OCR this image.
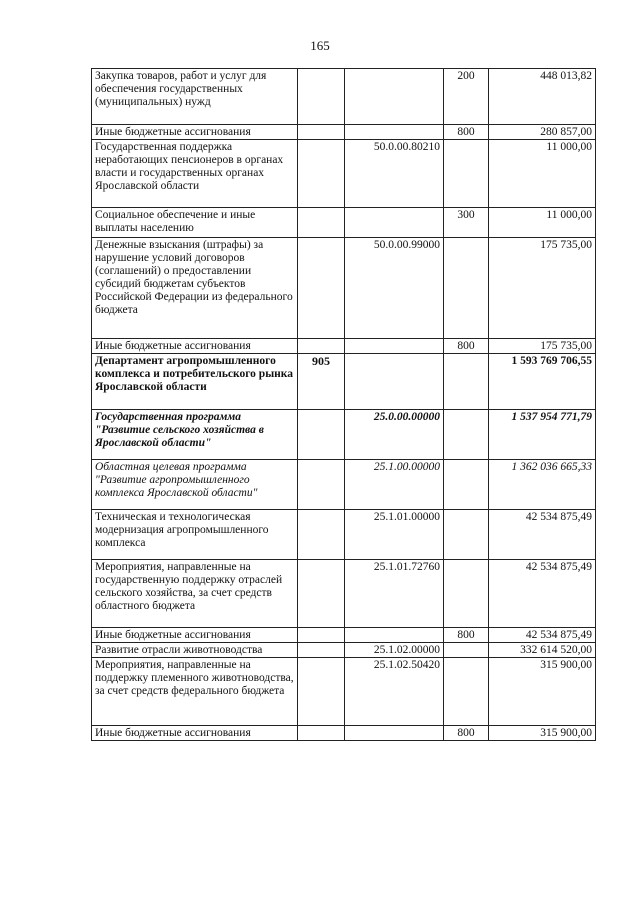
165
Закупка товаров, работ и услуг для обеспечения государственных (муниципальных) нужд			200	448 013,82
Иные бюджетные ассигнования			800	280 857,00
Государственная поддержка неработающих пенсионеров в органах власти и государственных органах Ярославской области		50.0.00.80210		11 000,00
Социальное обеспечение и иные выплаты населению			300	11 000,00
Денежные взыскания (штрафы) за нарушение условий договоров (соглашений) о предоставлении субсидий бюджетам субъектов Российской Федерации из федерального бюджета		50.0.00.99000		175 735,00
Иные бюджетные ассигнования			800	175 735,00
Департамент агропромышленного комплекса и потребительского рынка Ярославской области	905			1 593 769 706,55
Государственная программа "Развитие сельского хозяйства в Ярославской области"		25.0.00.00000		1 537 954 771,79
Областная целевая программа "Развитие агропромышленного комплекса Ярославской области"		25.1.00.00000		1 362 036 665,33
Техническая и технологическая модернизация агропромышленного комплекса		25.1.01.00000		42 534 875,49
Мероприятия, направленные на государственную поддержку отраслей сельского хозяйства, за счет средств областного бюджета		25.1.01.72760		42 534 875,49
Иные бюджетные ассигнования			800	42 534 875,49
Развитие отрасли животноводства		25.1.02.00000		332 614 520,00
Мероприятия, направленные на поддержку племенного животноводства, за счет средств федерального бюджета		25.1.02.50420		315 900,00
Иные бюджетные ассигнования			800	315 900,00
